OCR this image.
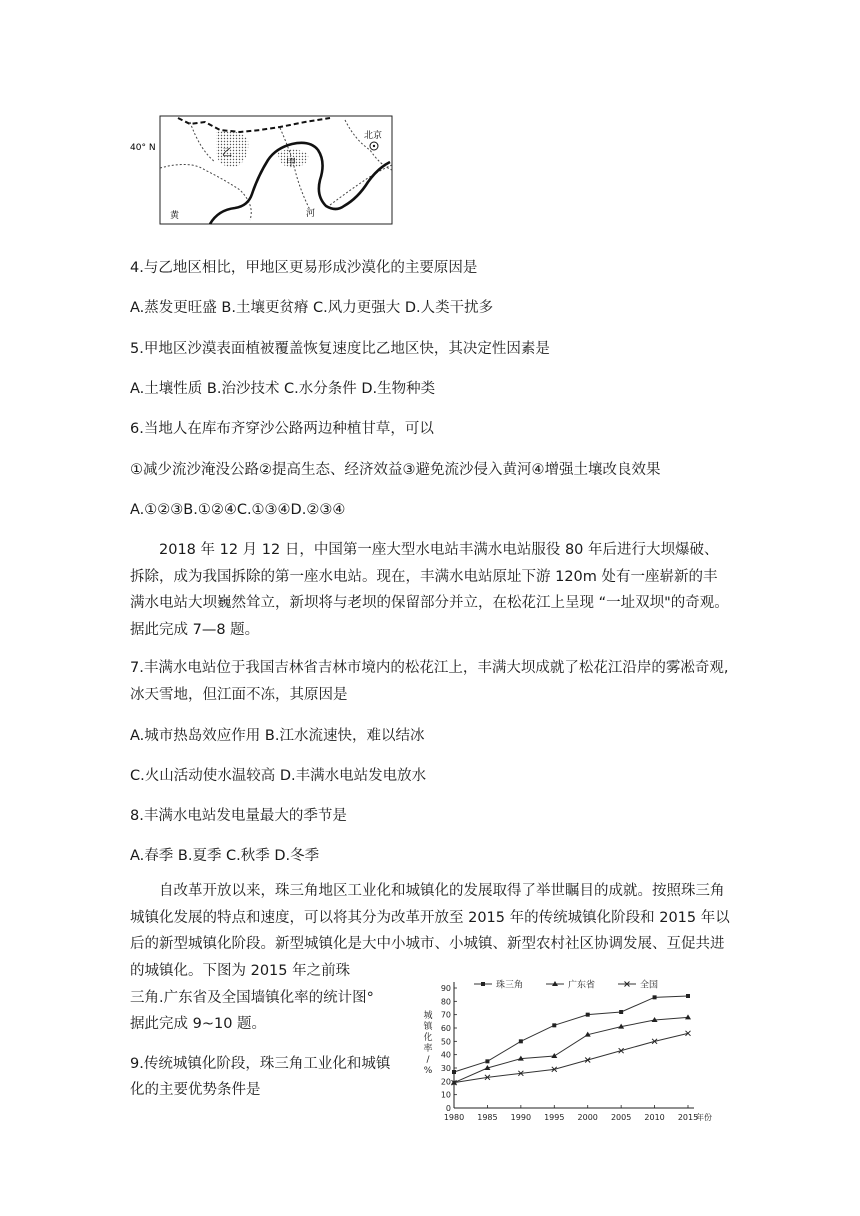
40° N
北京
乙
甲
黄	河
4.与乙地区相比，甲地区更易形成沙漠化的主要原因是
A.蒸发更旺盛 B.土壤更贫瘠 C.风力更强大 D.人类干扰多
5.甲地区沙漠表面植被覆盖恢复速度比乙地区快，其决定性因素是
A.土壤性质 B.治沙技术 C.水分条件 D.生物种类
6.当地人在库布齐穿沙公路两边种植甘草，可以
①减少流沙淹没公路②提高生态、经济效益③避免流沙侵入黄河④增强土壤改良效果
A.①②③B.①②④C.①③④D.②③④
2018 年 12 月 12 日，中国第一座大型水电站丰满水电站服役 80 年后进行大坝爆破、拆除，成为我国拆除的第一座水电站。现在，丰满水电站原址下游 120m 处有一座崭新的丰满水电站大坝巍然耸立，新坝将与老坝的保留部分并立，在松花江上呈现 “一址双坝"的奇观。据此完成 7—8 题。
7.丰满水电站位于我国吉林省吉林市境内的松花江上，丰满大坝成就了松花江沿岸的雾凇奇观,冰天雪地，但江面不冻，其原因是
A.城市热岛效应作用 B.江水流速快，难以结冰
C.火山活动使水温较高 D.丰满水电站发电放水
8.丰满水电站发电量最大的季节是
A.春季 B.夏季 C.秋季 D.冬季
自改革开放以来，珠三角地区工业化和城镇化的发展取得了举世瞩目的成就。按照珠三角城镇化发展的特点和速度，可以将其分为改革开放至 2015 年的传统城镇化阶段和 2015 年以后的新型城镇化阶段。新型城镇化是大中小城市、小城镇、新型农村社区协调发展、互促共进的城镇化。下图为 2015 年之前珠
三角.广东省及全国墙镇化率的统计图°
据此完成 9~10 题。
9.传统城镇化阶段，珠三角工业化和城镇
化的主要优势条件是
0
10
20
30
40
50
60
70
80
90
1980 1985 1990 1995 2000 2005 2010 2015
年份
城
镇
化
率
/
%
珠三角	广东省	全国
